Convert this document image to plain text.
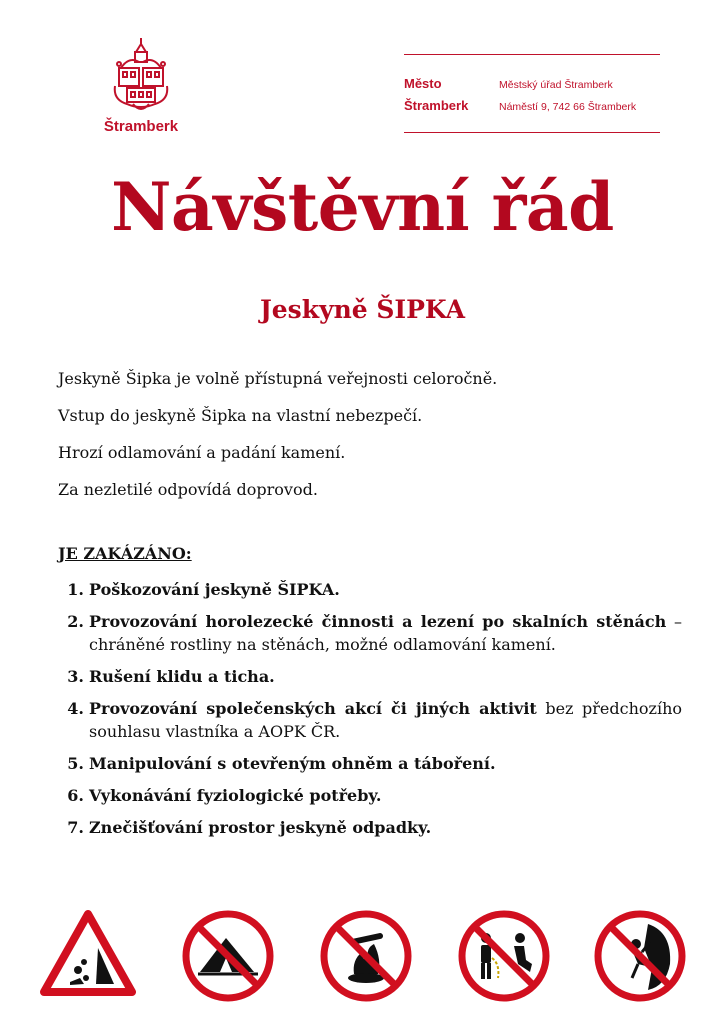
Štramberk
Město	Městský úřad Štramberk
Štramberk	Náměstí 9, 742 66 Štramberk
Návštěvní řád
Jeskyně ŠIPKA

Jeskyně Šipka je volně přístupná veřejnosti celoročně.

Vstup do jeskyně Šipka na vlastní nebezpečí.

Hrozí odlamování a padání kamení.

Za nezletilé odpovídá doprovod.

JE ZAKÁZÁNO:
1. Poškozování jeskyně ŠIPKA.
2. Provozování horolezecké činnosti a lezení po skalních stěnách – chráněné rostliny na stěnách, možné odlamování kamení.
3. Rušení klidu a ticha.
4. Provozování společenských akcí či jiných aktivit bez předchozího souhlasu vlastníka a AOPK ČR.
5. Manipulování s otevřeným ohněm a táboření.
6. Vykonávání fyziologické potřeby.
7. Znečišťování prostor jeskyně odpadky.
